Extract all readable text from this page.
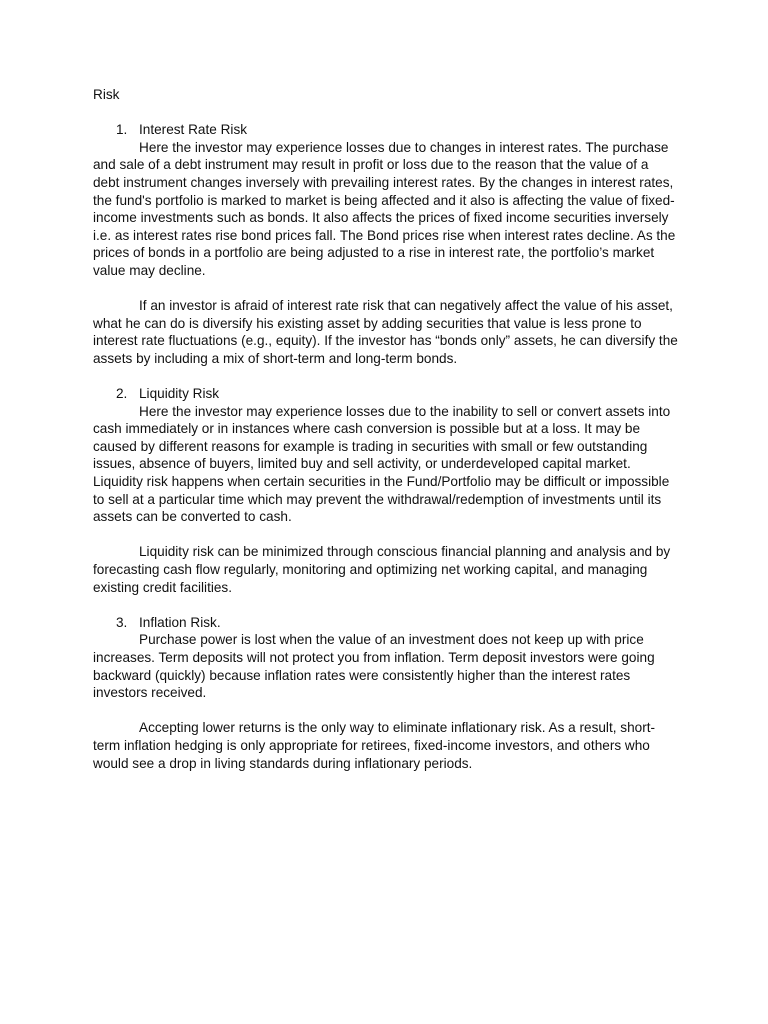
Risk

1. Interest Rate Risk

Here the investor may experience losses due to changes in interest rates. The purchase and sale of a debt instrument may result in profit or loss due to the reason that the value of a debt instrument changes inversely with prevailing interest rates. By the changes in interest rates, the fund's portfolio is marked to market is being affected and it also is affecting the value of fixed-income investments such as bonds. It also affects the prices of fixed income securities inversely i.e. as interest rates rise bond prices fall. The Bond prices rise when interest rates decline. As the prices of bonds in a portfolio are being adjusted to a rise in interest rate, the portfolio’s market value may decline.

If an investor is afraid of interest rate risk that can negatively affect the value of his asset, what he can do is diversify his existing asset by adding securities that value is less prone to interest rate fluctuations (e.g., equity). If the investor has “bonds only” assets, he can diversify the assets by including a mix of short-term and long-term bonds.

2. Liquidity Risk

Here the investor may experience losses due to the inability to sell or convert assets into cash immediately or in instances where cash conversion is possible but at a loss. It may be caused by different reasons for example is trading in securities with small or few outstanding issues, absence of buyers, limited buy and sell activity, or underdeveloped capital market. Liquidity risk happens when certain securities in the Fund/Portfolio may be difficult or impossible to sell at a particular time which may prevent the withdrawal/redemption of investments until its assets can be converted to cash.

Liquidity risk can be minimized through conscious financial planning and analysis and by forecasting cash flow regularly, monitoring and optimizing net working capital, and managing existing credit facilities.

3. Inflation Risk.

Purchase power is lost when the value of an investment does not keep up with price increases. Term deposits will not protect you from inflation. Term deposit investors were going backward (quickly) because inflation rates were consistently higher than the interest rates investors received.

Accepting lower returns is the only way to eliminate inflationary risk. As a result, short-term inflation hedging is only appropriate for retirees, fixed-income investors, and others who would see a drop in living standards during inflationary periods.
